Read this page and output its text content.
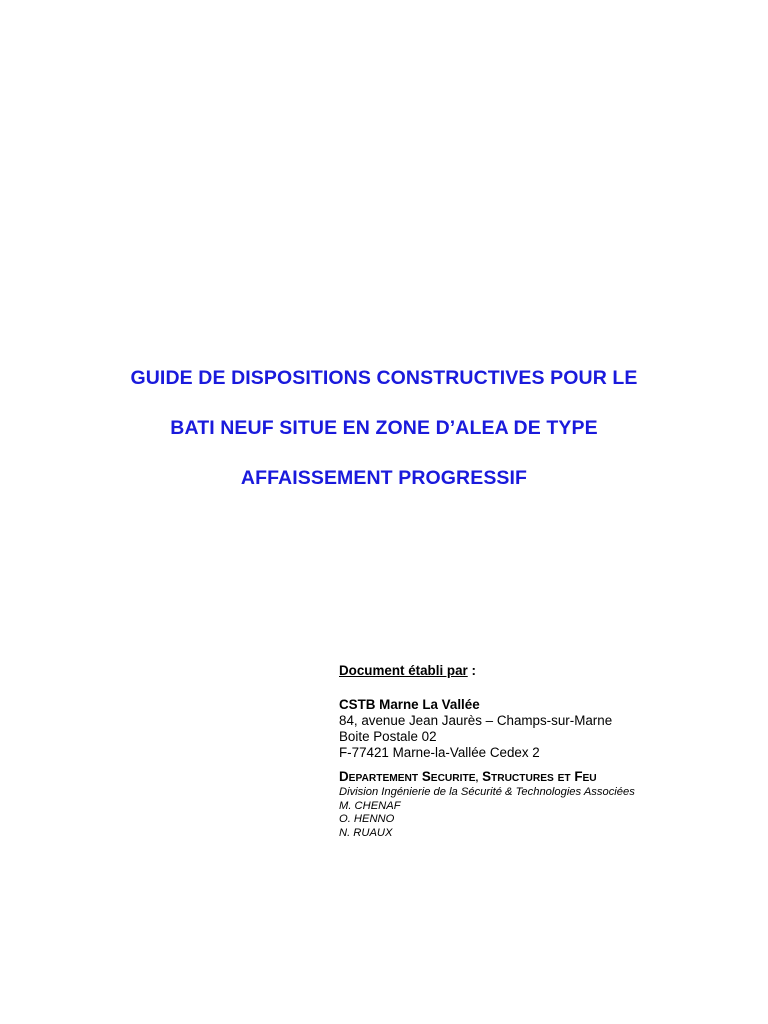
GUIDE DE DISPOSITIONS CONSTRUCTIVES POUR LE
BATI NEUF SITUE EN ZONE D’ALEA DE TYPE
AFFAISSEMENT PROGRESSIF
Document établi par :
CSTB Marne La Vallée
84, avenue Jean Jaurès – Champs-sur-Marne
Boite Postale 02
F-77421 Marne-la-Vallée Cedex 2
DEPARTEMENT SECURITE, STRUCTURES ET FEU
Division Ingénierie de la Sécurité & Technologies Associées
M. CHENAF
O. HENNO
N. RUAUX
